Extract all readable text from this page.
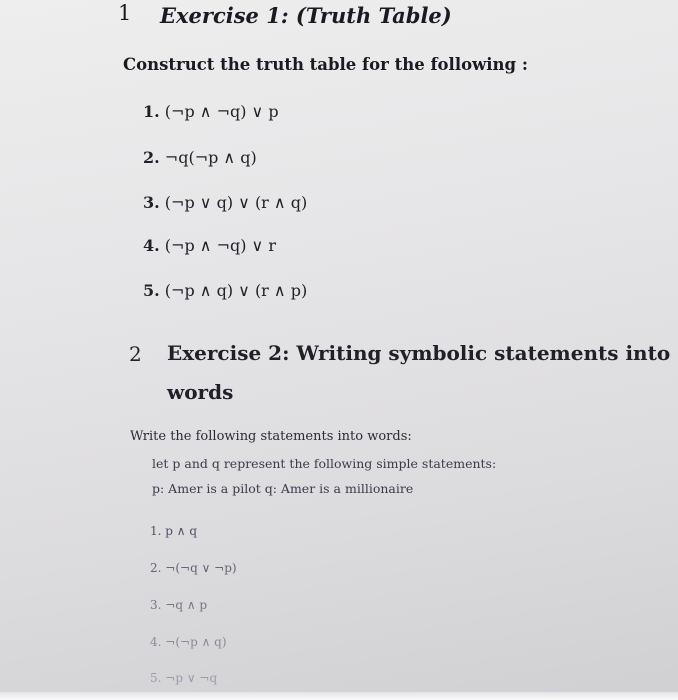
1 Exercise 1: (Truth Table)
Construct the truth table for the following :
1. (¬p ∧ ¬q) ∨ p
2. ¬q(¬p ∧ q)
3. (¬p ∨ q) ∨ (r ∧ q)
4. (¬p ∧ ¬q) ∨ r
5. (¬p ∧ q) ∨ (r ∧ p)
2 Exercise 2: Writing symbolic statements into
words
Write the following statements into words:
let p and q represent the following simple statements:
p: Amer is a pilot q: Amer is a millionaire
1. p ∧ q
2. ¬(¬q ∨ ¬p)
3. ¬q ∧ p
4. ¬(¬p ∧ q)
5. ¬p ∨ ¬q
